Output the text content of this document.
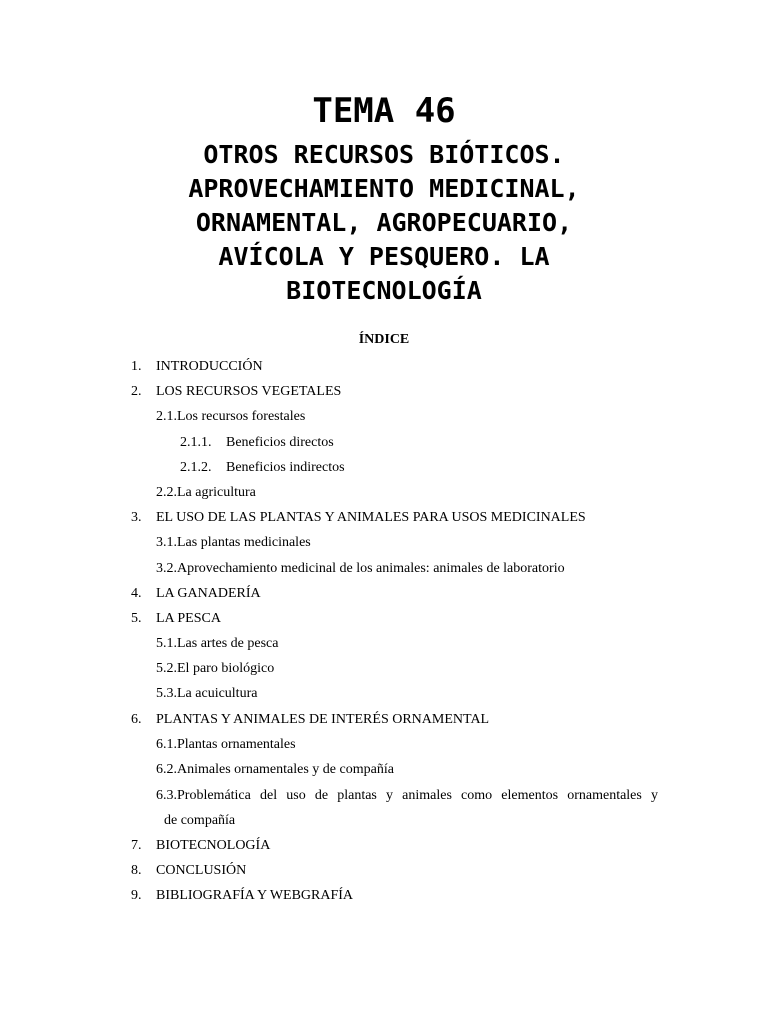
TEMA 46
OTROS RECURSOS BIÓTICOS.
APROVECHAMIENTO MEDICINAL,
ORNAMENTAL, AGROPECUARIO,
AVÍCOLA Y PESQUERO. LA
BIOTECNOLOGÍA
ÍNDICE
1. INTRODUCCIÓN
2. LOS RECURSOS VEGETALES
2.1.Los recursos forestales
2.1.1. Beneficios directos
2.1.2. Beneficios indirectos
2.2.La agricultura
3. EL USO DE LAS PLANTAS Y ANIMALES PARA USOS MEDICINALES
3.1.Las plantas medicinales
3.2.Aprovechamiento medicinal de los animales: animales de laboratorio
4. LA GANADERÍA
5. LA PESCA
5.1.Las artes de pesca
5.2.El paro biológico
5.3.La acuicultura
6. PLANTAS Y ANIMALES DE INTERÉS ORNAMENTAL
6.1.Plantas ornamentales
6.2.Animales ornamentales y de compañía
6.3.Problemática del uso de plantas y animales como elementos ornamentales y
de compañía
7. BIOTECNOLOGÍA
8. CONCLUSIÓN
9. BIBLIOGRAFÍA Y WEBGRAFÍA
